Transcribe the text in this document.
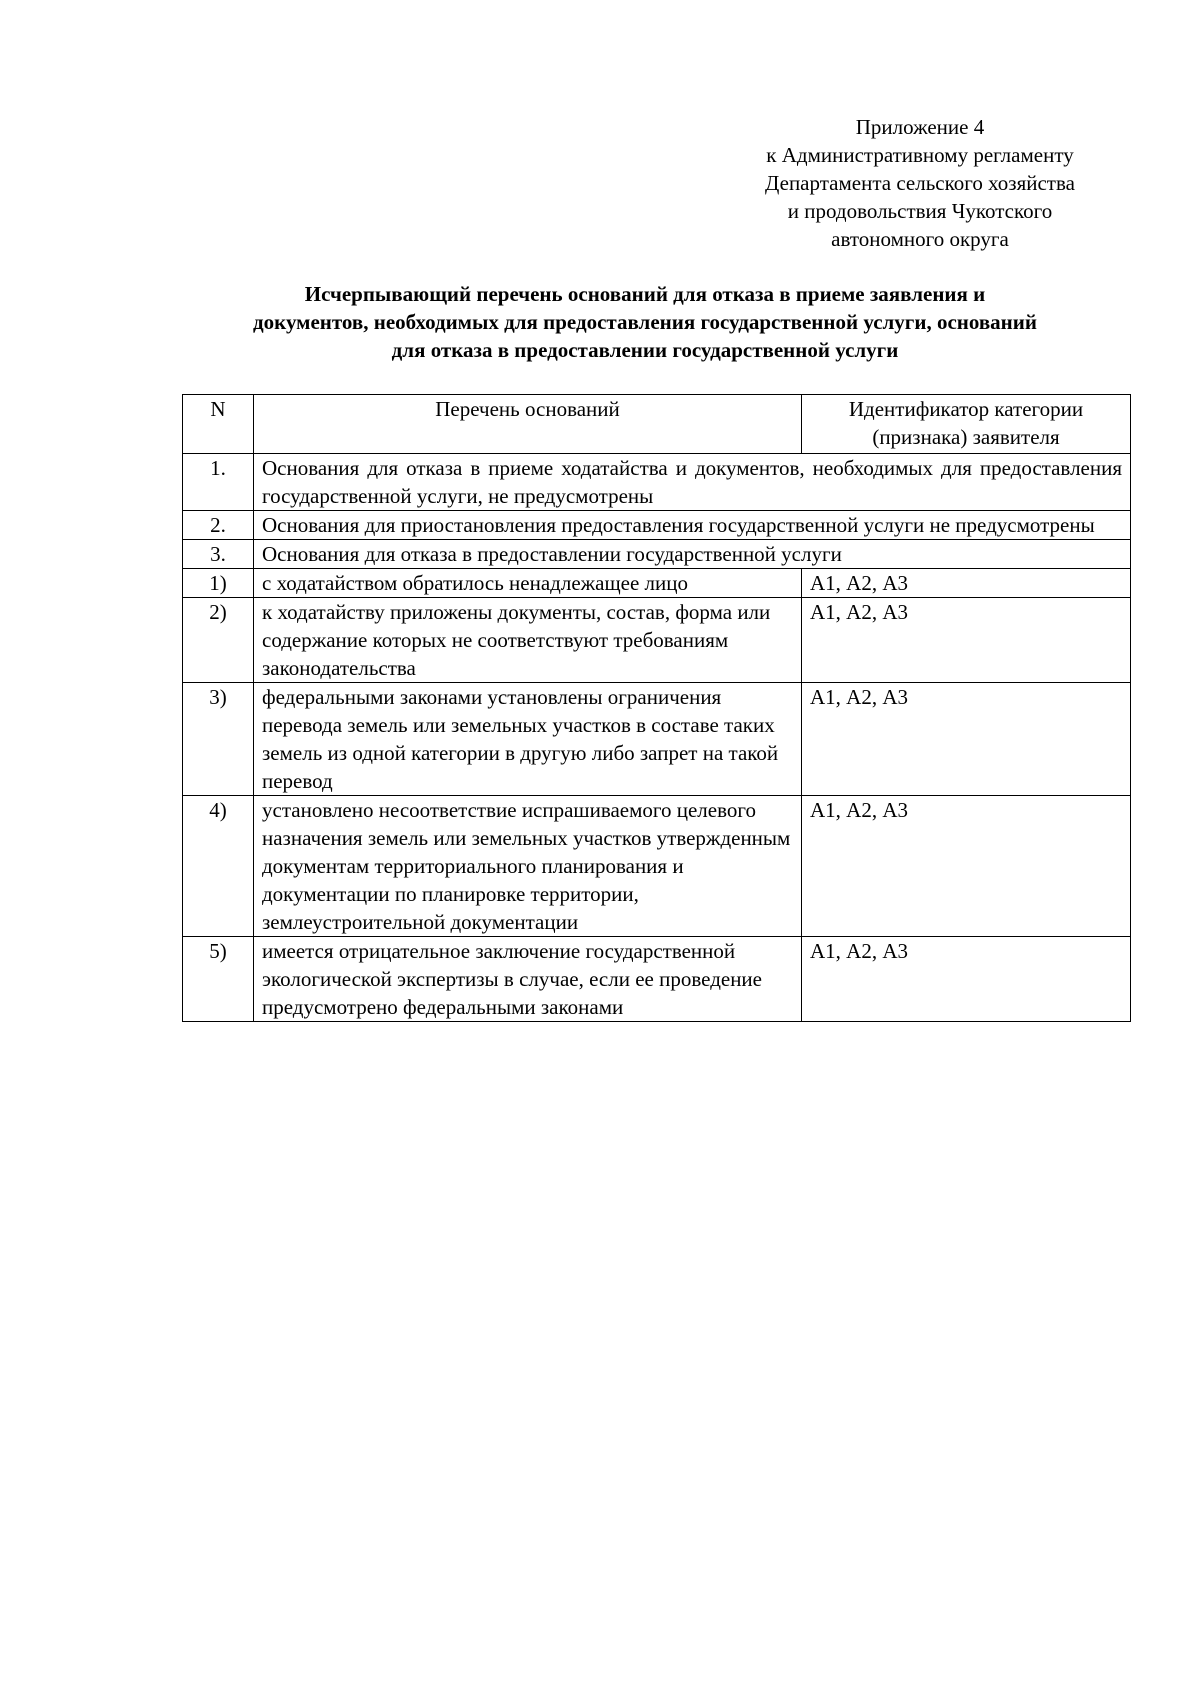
Приложение 4
к Административному регламенту
Департамента сельского хозяйства
и продовольствия Чукотского
автономного округа
Исчерпывающий перечень оснований для отказа в приеме заявления и
документов, необходимых для предоставления государственной услуги, оснований
для отказа в предоставлении государственной услуги
N	Перечень оснований	Идентификатор категории (признака) заявителя
1.	Основания для отказа в приеме ходатайства и документов, необходимых для предоставления государственной услуги, не предусмотрены	
2.	Основания для приостановления предоставления государственной услуги не предусмотрены	
3.	Основания для отказа в предоставлении государственной услуги	
1)	с ходатайством обратилось ненадлежащее лицо	А1, А2, А3
2)	к ходатайству приложены документы, состав, форма или содержание которых не соответствуют требованиям законодательства	А1, А2, А3
3)	федеральными законами установлены ограничения перевода земель или земельных участков в составе таких земель из одной категории в другую либо запрет на такой перевод	А1, А2, А3
4)	установлено несоответствие испрашиваемого целевого назначения земель или земельных участков утвержденным документам территориального планирования и документации по планировке территории, землеустроительной документации	А1, А2, А3
5)	имеется отрицательное заключение государственной экологической экспертизы в случае, если ее проведение предусмотрено федеральными законами	А1, А2, А3
